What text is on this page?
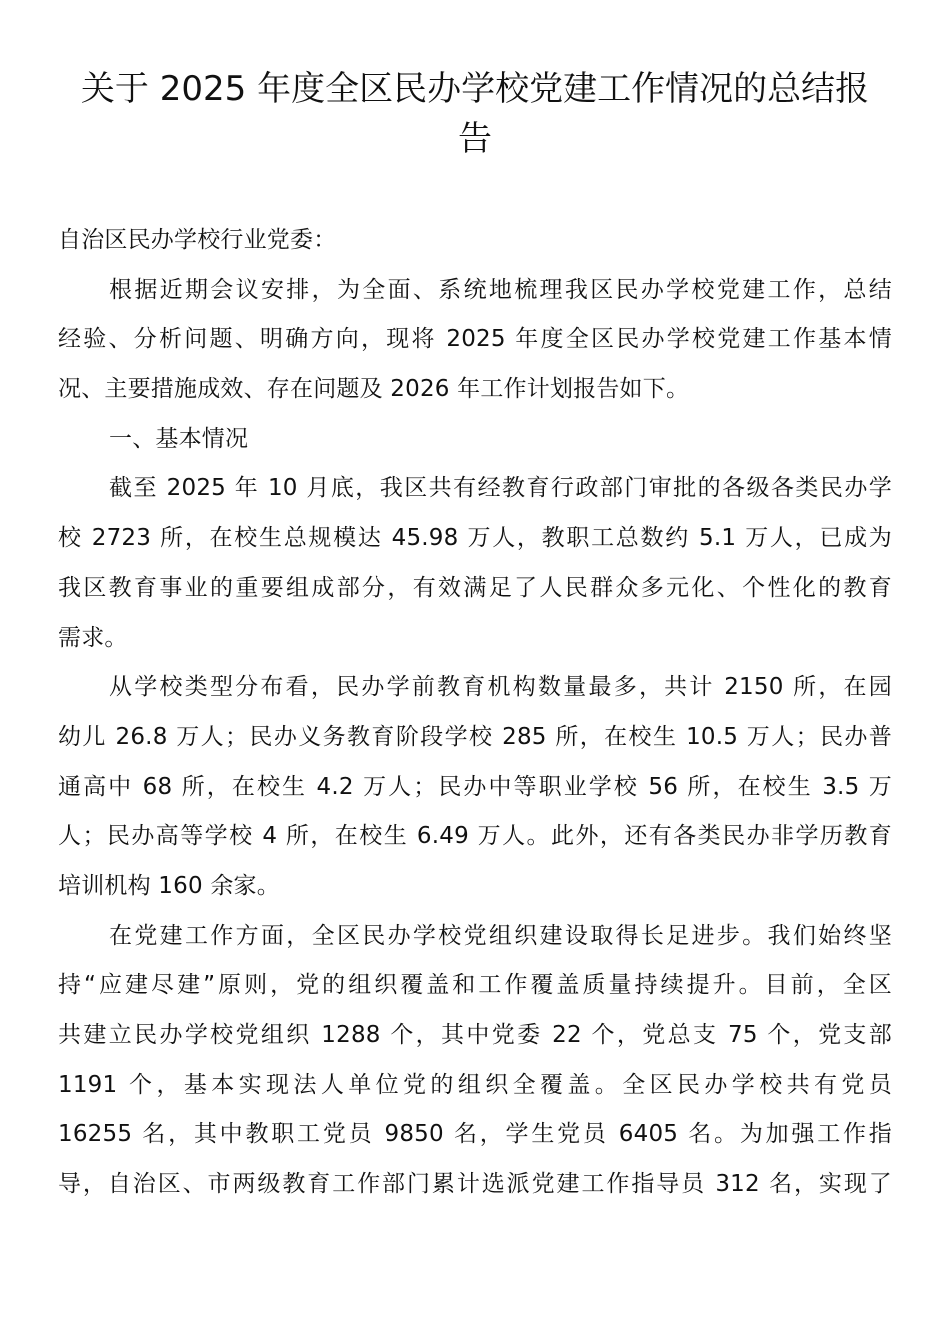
关于 2025 年度全区民办学校党建工作情况的总结报
告
自治区民办学校行业党委：
根据近期会议安排，为全面、系统地梳理我区民办学校党建工作，总结
经验、分析问题、明确方向，现将 2025 年度全区民办学校党建工作基本情
况、主要措施成效、存在问题及 2026 年工作计划报告如下。
一、基本情况
截至 2025 年 10 月底，我区共有经教育行政部门审批的各级各类民办学
校 2723 所，在校生总规模达 45.98 万人，教职工总数约 5.1 万人，已成为
我区教育事业的重要组成部分，有效满足了人民群众多元化、个性化的教育
需求。
从学校类型分布看，民办学前教育机构数量最多，共计 2150 所，在园
幼儿 26.8 万人；民办义务教育阶段学校 285 所，在校生 10.5 万人；民办普
通高中 68 所，在校生 4.2 万人；民办中等职业学校 56 所，在校生 3.5 万
人；民办高等学校 4 所，在校生 6.49 万人。此外，还有各类民办非学历教育
培训机构 160 余家。
在党建工作方面，全区民办学校党组织建设取得长足进步。我们始终坚
持“应建尽建”原则，党的组织覆盖和工作覆盖质量持续提升。目前，全区
共建立民办学校党组织 1288 个，其中党委 22 个，党总支 75 个，党支部
1191 个，基本实现法人单位党的组织全覆盖。全区民办学校共有党员
16255 名，其中教职工党员 9850 名，学生党员 6405 名。为加强工作指
导，自治区、市两级教育工作部门累计选派党建工作指导员 312 名，实现了
